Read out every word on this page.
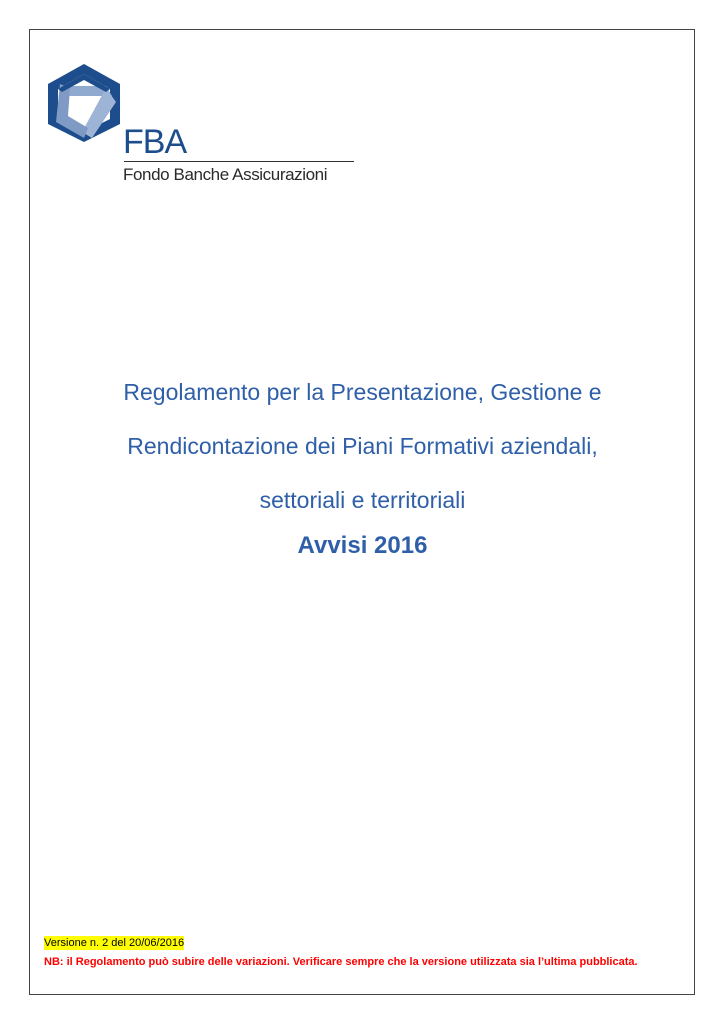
FBA
Fondo Banche Assicurazioni
Regolamento per la Presentazione, Gestione e
Rendicontazione dei Piani Formativi aziendali,
settoriali e territoriali
Avvisi 2016
Versione n. 2 del 20/06/2016
NB: il Regolamento può subire delle variazioni. Verificare sempre che la versione utilizzata sia l’ultima pubblicata.
